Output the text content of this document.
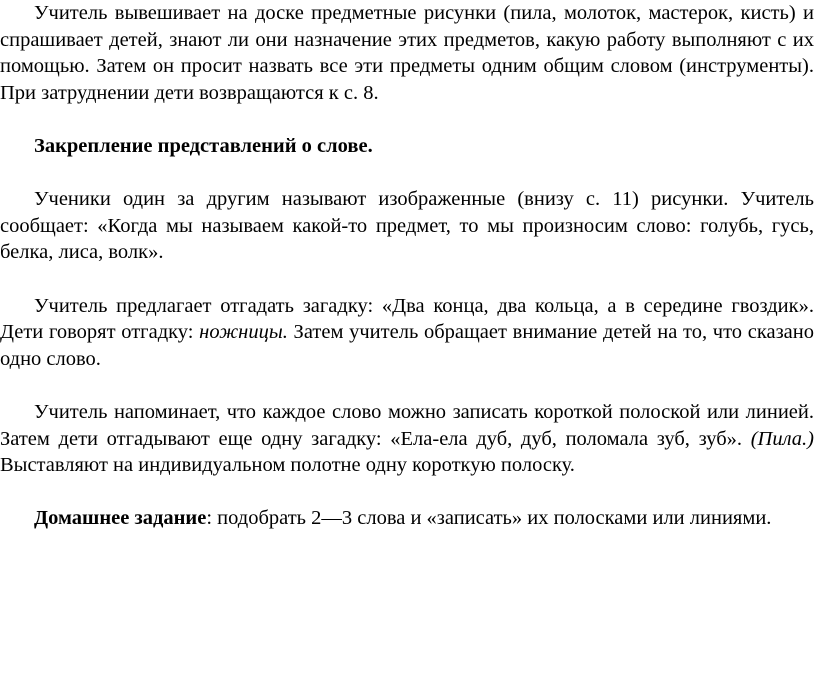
Учитель вывешивает на доске предметные рисунки (пила, молоток, мастерок, кисть) и спрашивает детей, знают ли они назначение этих предметов, какую работу выполняют с их помощью. Затем он просит назвать все эти предметы одним общим словом (инструменты). При затруднении дети возвращаются к с. 8.

Закрепление представлений о слове.

Ученики один за другим называют изображенные (внизу с. 11) рисунки. Учитель сообщает: «Когда мы называем какой-то предмет, то мы произносим слово: голубь, гусь, белка, лиса, волк».

Учитель предлагает отгадать загадку: «Два конца, два кольца, а в середине гвоздик». Дети говорят отгадку: ножницы. Затем учитель обращает внимание детей на то, что сказано одно слово.

Учитель напоминает, что каждое слово можно записать короткой полоской или линией. Затем дети отгадывают еще одну загадку: «Ела-ела дуб, дуб, поломала зуб, зуб». (Пила.) Выставляют на индивидуальном полотне одну короткую полоску.

Домашнее задание: подобрать 2—3 слова и «записать» их полосками или линиями.
